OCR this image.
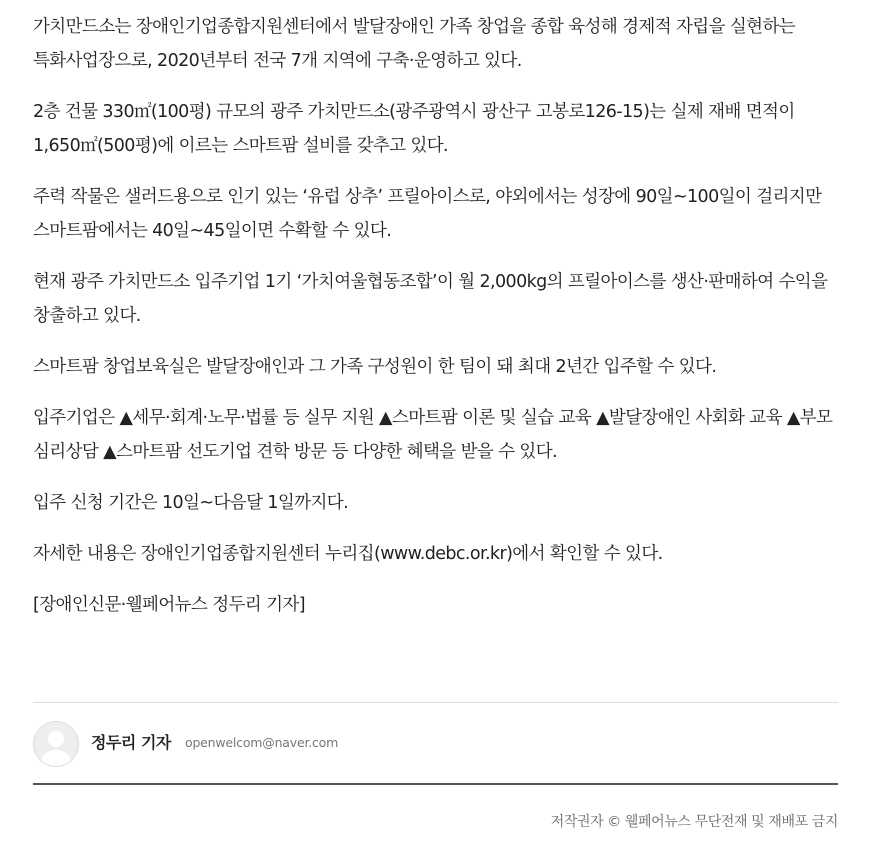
가치만드소는 장애인기업종합지원센터에서 발달장애인 가족 창업을 종합 육성해 경제적 자립을 실현하는 특화사업장으로, 2020년부터 전국 7개 지역에 구축·운영하고 있다.

2층 건물 330㎡(100평) 규모의 광주 가치만드소(광주광역시 광산구 고봉로126-15)는 실제 재배 면적이 1,650㎡(500평)에 이르는 스마트팜 설비를 갖추고 있다.

주력 작물은 샐러드용으로 인기 있는 ‘유럽 상추’ 프릴아이스로, 야외에서는 성장에 90일~100일이 걸리지만 스마트팜에서는 40일~45일이면 수확할 수 있다.

현재 광주 가치만드소 입주기업 1기 ‘가치여울협동조합’이 월 2,000kg의 프릴아이스를 생산·판매하여 수익을 창출하고 있다.

스마트팜 창업보육실은 발달장애인과 그 가족 구성원이 한 팀이 돼 최대 2년간 입주할 수 있다.

입주기업은 ▲세무·회계·노무·법률 등 실무 지원 ▲스마트팜 이론 및 실습 교육 ▲발달장애인 사회화 교육 ▲부모 심리상담 ▲스마트팜 선도기업 견학 방문 등 다양한 혜택을 받을 수 있다.

입주 신청 기간은 10일~다음달 1일까지다.

자세한 내용은 장애인기업종합지원센터 누리집(www.debc.or.kr)에서 확인할 수 있다.

[장애인신문·웰페어뉴스 정두리 기자]

정두리 기자 openwelcom@naver.com
저작권자 © 웰페어뉴스 무단전재 및 재배포 금지
